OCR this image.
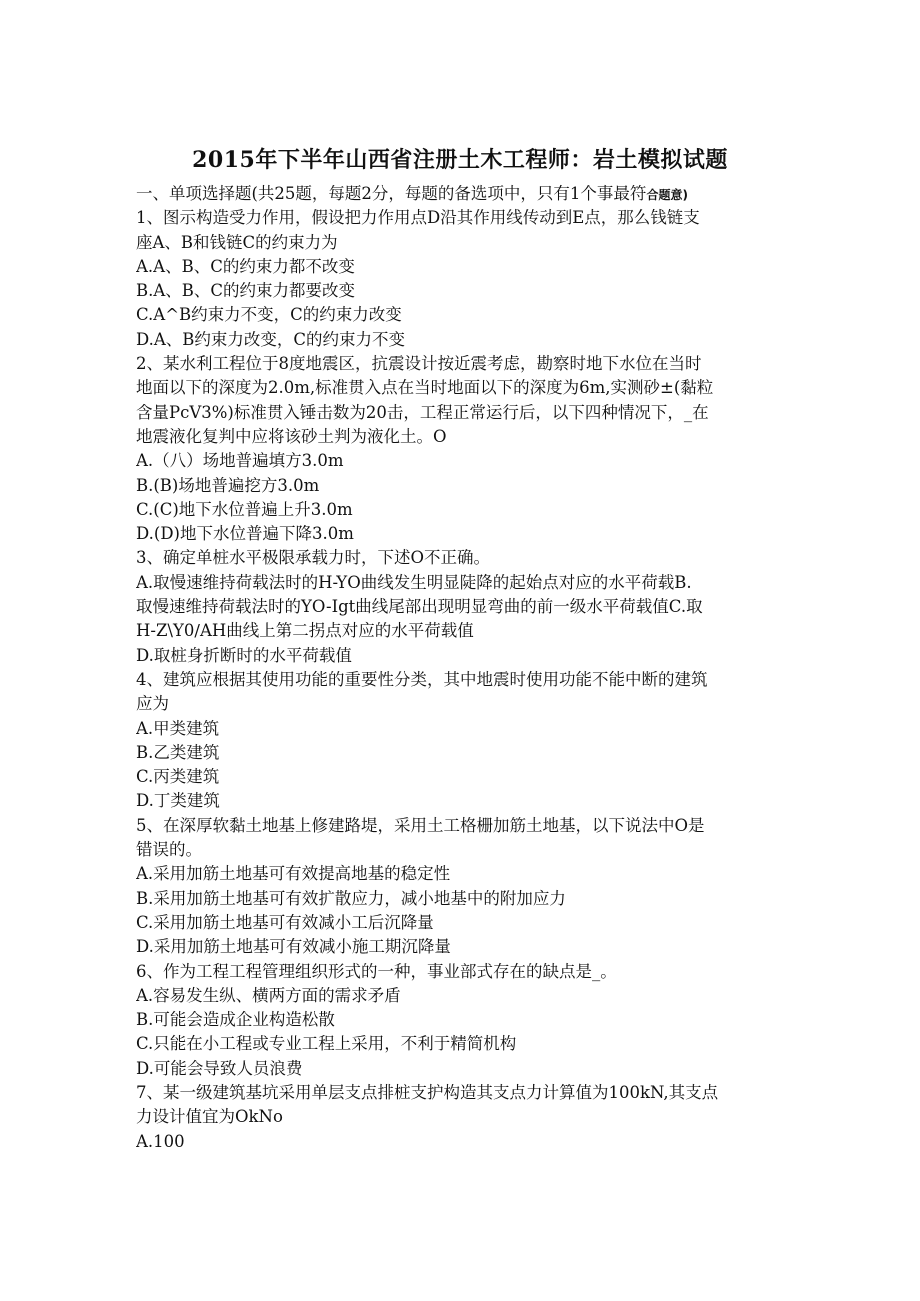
2015年下半年山西省注册土木工程师：岩土模拟试题
一、单项选择题(共25题，每题2分，每题的备选项中，只有1个事最符合题意)
1、图示构造受力作用，假设把力作用点D沿其作用线传动到E点，那么钱链支
座A、B和钱链C的约束力为
A.A、B、C的约束力都不改变
B.A、B、C的约束力都要改变
C.A^B约束力不变，C的约束力改变
D.A、B约束力改变，C的约束力不变
2、某水利工程位于8度地震区，抗震设计按近震考虑，勘察时地下水位在当时
地面以下的深度为2.0m,标准贯入点在当时地面以下的深度为6m,实测砂±(黏粒
含量PcV3%)标准贯入锤击数为20击，工程正常运行后，以下四种情况下，_在
地震液化复判中应将该砂土判为液化土。O
A.（八）场地普遍填方3.0m
B.(B)场地普遍挖方3.0m
C.(C)地下水位普遍上升3.0m
D.(D)地下水位普遍下降3.0m
3、确定单桩水平极限承载力时，下述O不正确。
A.取慢速维持荷载法时的H-YO曲线发生明显陡降的起始点对应的水平荷载B.
取慢速维持荷载法时的YO-Igt曲线尾部出现明显弯曲的前一级水平荷载值C.取
H-Z\Y0∕AH曲线上第二拐点对应的水平荷载值
D.取桩身折断时的水平荷载值
4、建筑应根据其使用功能的重要性分类，其中地震时使用功能不能中断的建筑
应为
A.甲类建筑
B.乙类建筑
C.丙类建筑
D.丁类建筑
5、在深厚软黏土地基上修建路堤，采用土工格栅加筋土地基，以下说法中O是
错误的。
A.采用加筋土地基可有效提高地基的稳定性
B.采用加筋土地基可有效扩散应力，减小地基中的附加应力
C.采用加筋土地基可有效减小工后沉降量
D.采用加筋土地基可有效减小施工期沉降量
6、作为工程工程管理组织形式的一种，事业部式存在的缺点是_。
A.容易发生纵、横两方面的需求矛盾
B.可能会造成企业构造松散
C.只能在小工程或专业工程上采用，不利于精简机构
D.可能会导致人员浪费
7、某一级建筑基坑采用单层支点排桩支护构造其支点力计算值为100kN,其支点
力设计值宜为OkNo
A.100
